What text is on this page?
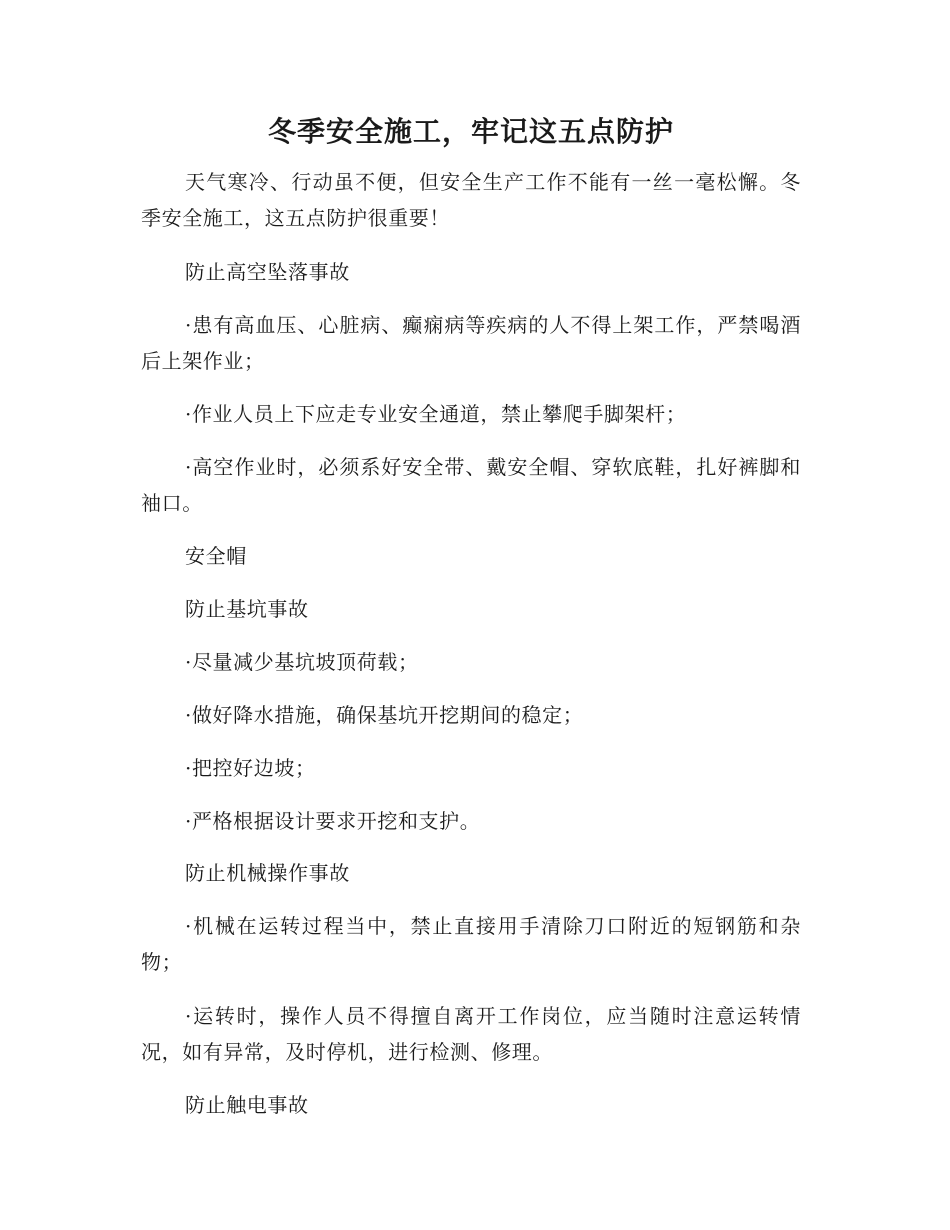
冬季安全施工，牢记这五点防护

天气寒冷、行动虽不便，但安全生产工作不能有一丝一毫松懈。冬季安全施工，这五点防护很重要！

防止高空坠落事故

·患有高血压、心脏病、癫痫病等疾病的人不得上架工作，严禁喝酒后上架作业；

·作业人员上下应走专业安全通道，禁止攀爬手脚架杆；

·高空作业时，必须系好安全带、戴安全帽、穿软底鞋，扎好裤脚和袖口。

安全帽

防止基坑事故

·尽量减少基坑坡顶荷载；

·做好降水措施，确保基坑开挖期间的稳定；

·把控好边坡；

·严格根据设计要求开挖和支护。

防止机械操作事故

·机械在运转过程当中，禁止直接用手清除刀口附近的短钢筋和杂物；

·运转时，操作人员不得擅自离开工作岗位，应当随时注意运转情况，如有异常，及时停机，进行检测、修理。

防止触电事故
